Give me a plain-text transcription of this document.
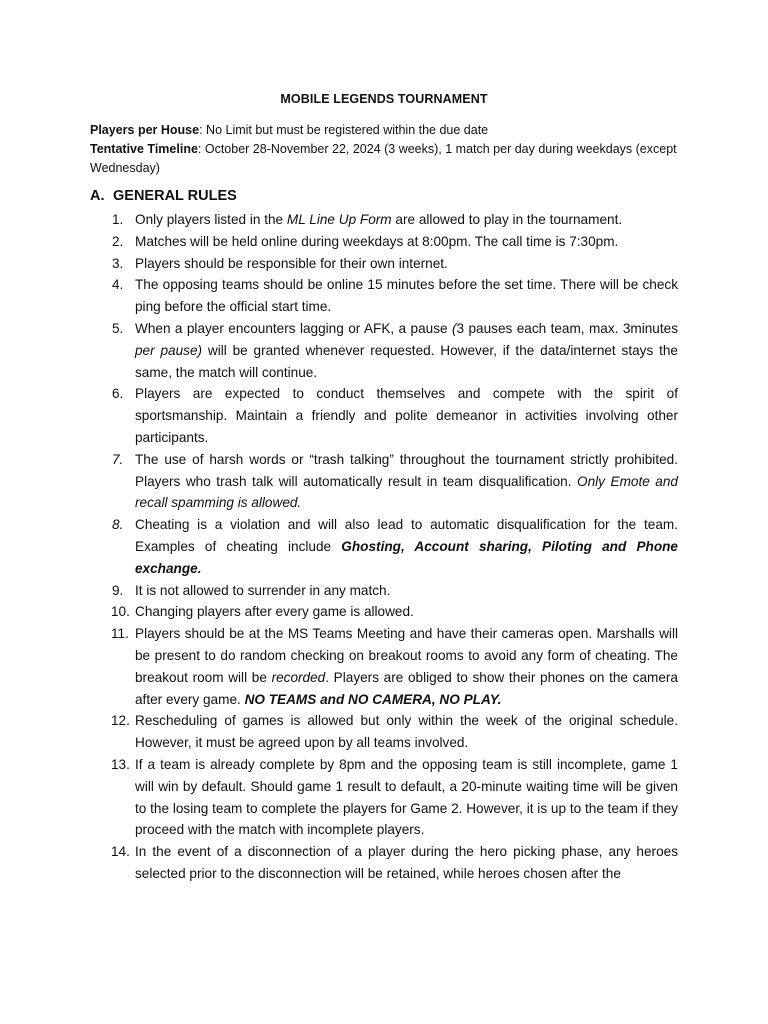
MOBILE LEGENDS TOURNAMENT
Players per House: No Limit but must be registered within the due date
Tentative Timeline: October 28-November 22, 2024 (3 weeks), 1 match per day during weekdays (except Wednesday)
A. GENERAL RULES
1. Only players listed in the ML Line Up Form are allowed to play in the tournament.
2. Matches will be held online during weekdays at 8:00pm. The call time is 7:30pm.
3. Players should be responsible for their own internet.
4. The opposing teams should be online 15 minutes before the set time. There will be check ping before the official start time.
5. When a player encounters lagging or AFK, a pause (3 pauses each team, max. 3minutes per pause) will be granted whenever requested. However, if the data/internet stays the same, the match will continue.
6. Players are expected to conduct themselves and compete with the spirit of sportsmanship. Maintain a friendly and polite demeanor in activities involving other participants.
7. The use of harsh words or “trash talking” throughout the tournament strictly prohibited. Players who trash talk will automatically result in team disqualification. Only Emote and recall spamming is allowed.
8. Cheating is a violation and will also lead to automatic disqualification for the team. Examples of cheating include Ghosting, Account sharing, Piloting and Phone exchange.
9. It is not allowed to surrender in any match.
10. Changing players after every game is allowed.
11. Players should be at the MS Teams Meeting and have their cameras open. Marshalls will be present to do random checking on breakout rooms to avoid any form of cheating. The breakout room will be recorded. Players are obliged to show their phones on the camera after every game. NO TEAMS and NO CAMERA, NO PLAY.
12. Rescheduling of games is allowed but only within the week of the original schedule. However, it must be agreed upon by all teams involved.
13. If a team is already complete by 8pm and the opposing team is still incomplete, game 1 will win by default. Should game 1 result to default, a 20-minute waiting time will be given to the losing team to complete the players for Game 2. However, it is up to the team if they proceed with the match with incomplete players.
14. In the event of a disconnection of a player during the hero picking phase, any heroes selected prior to the disconnection will be retained, while heroes chosen after the
